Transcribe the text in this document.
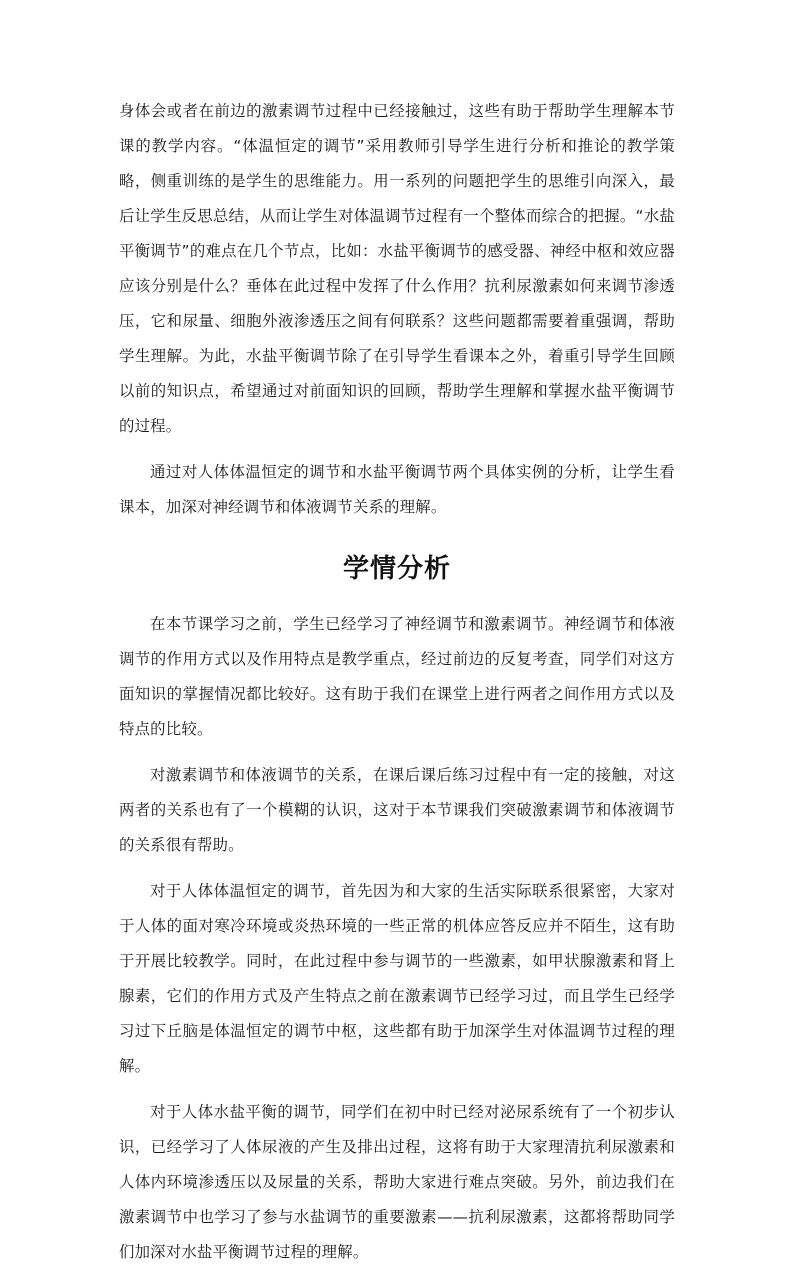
身体会或者在前边的激素调节过程中已经接触过，这些有助于帮助学生理解本节课的教学内容。“体温恒定的调节”采用教师引导学生进行分析和推论的教学策略，侧重训练的是学生的思维能力。用一系列的问题把学生的思维引向深入，最后让学生反思总结，从而让学生对体温调节过程有一个整体而综合的把握。“水盐平衡调节”的难点在几个节点，比如：水盐平衡调节的感受器、神经中枢和效应器应该分别是什么？垂体在此过程中发挥了什么作用？抗利尿激素如何来调节渗透压，它和尿量、细胞外液渗透压之间有何联系？这些问题都需要着重强调，帮助学生理解。为此，水盐平衡调节除了在引导学生看课本之外，着重引导学生回顾以前的知识点，希望通过对前面知识的回顾，帮助学生理解和掌握水盐平衡调节的过程。

通过对人体体温恒定的调节和水盐平衡调节两个具体实例的分析，让学生看课本，加深对神经调节和体液调节关系的理解。

学情分析

在本节课学习之前，学生已经学习了神经调节和激素调节。神经调节和体液调节的作用方式以及作用特点是教学重点，经过前边的反复考查，同学们对这方面知识的掌握情况都比较好。这有助于我们在课堂上进行两者之间作用方式以及特点的比较。

对激素调节和体液调节的关系，在课后课后练习过程中有一定的接触，对这两者的关系也有了一个模糊的认识，这对于本节课我们突破激素调节和体液调节的关系很有帮助。

对于人体体温恒定的调节，首先因为和大家的生活实际联系很紧密，大家对于人体的面对寒冷环境或炎热环境的一些正常的机体应答反应并不陌生，这有助于开展比较教学。同时，在此过程中参与调节的一些激素，如甲状腺激素和肾上腺素，它们的作用方式及产生特点之前在激素调节已经学习过，而且学生已经学习过下丘脑是体温恒定的调节中枢，这些都有助于加深学生对体温调节过程的理解。

对于人体水盐平衡的调节，同学们在初中时已经对泌尿系统有了一个初步认识，已经学习了人体尿液的产生及排出过程，这将有助于大家理清抗利尿激素和人体内环境渗透压以及尿量的关系，帮助大家进行难点突破。另外，前边我们在激素调节中也学习了参与水盐调节的重要激素——抗利尿激素，这都将帮助同学们加深对水盐平衡调节过程的理解。
